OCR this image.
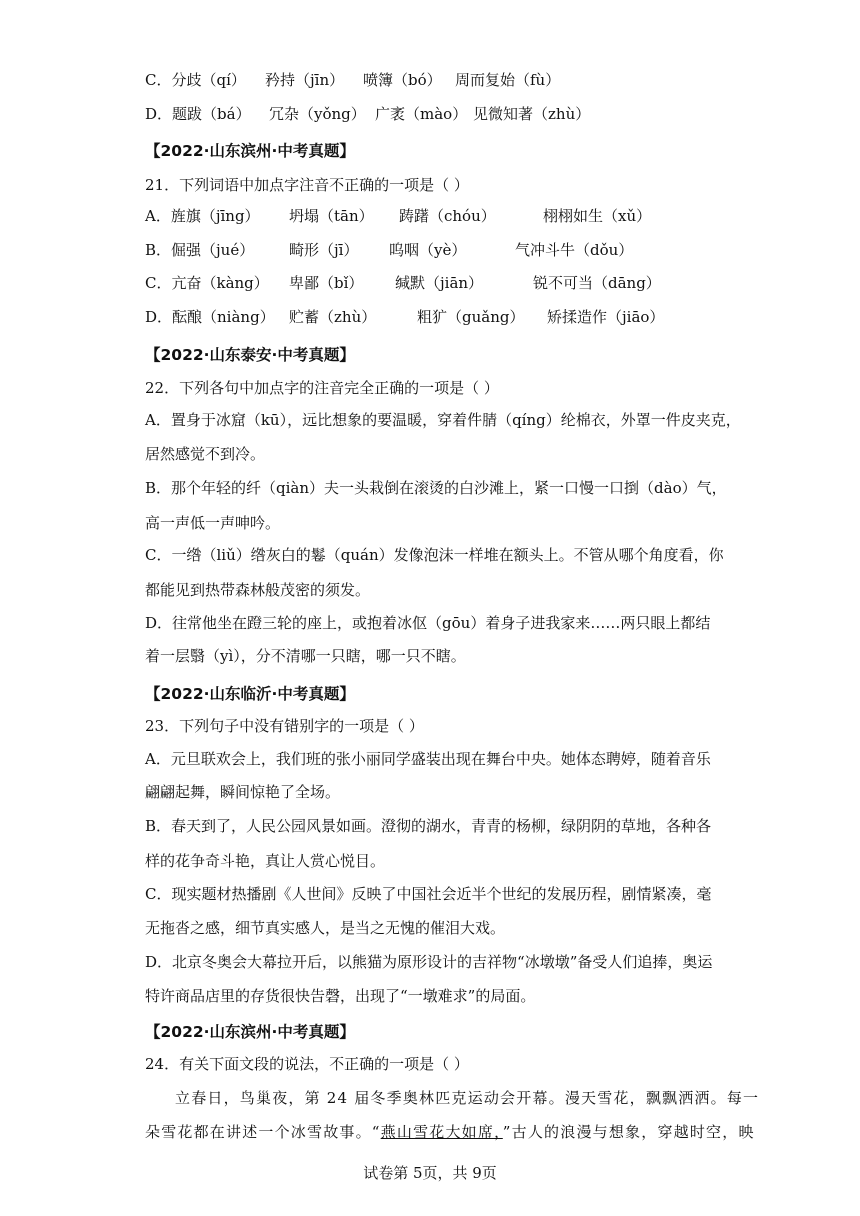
C．分歧（qí） 矜持（jīn） 喷簿（bó） 周而复始（fù）
D．题跋（bá） 冗杂（yǒng） 广袤（mào） 见微知著（zhù）
【2022·山东滨州·中考真题】
21．下列词语中加点字注音不正确的一项是（ ）
A．旌旗（jīng） 坍塌（tān） 踌躇（chóu）	栩栩如生（xǔ）
B．倔强（jué） 畸形（jī） 呜咽（yè）	气冲斗牛（dǒu）
C．亢奋（kàng） 卑鄙（bǐ） 缄默（jiān）	锐不可当（dāng）
D．酝酿（niàng） 贮蓄（zhù）	粗犷（guǎng） 矫揉造作（jiāo）
【2022·山东泰安·中考真题】
22．下列各句中加点字的注音完全正确的一项是（ ）
A．置身于冰窟（kū），远比想象的要温暖，穿着件腈（qíng）纶棉衣，外罩一件皮夹克，
居然感觉不到冷。
B．那个年轻的纤（qiàn）夫一头栽倒在滚烫的白沙滩上，紧一口慢一口捯（dào）气，
高一声低一声呻吟。
C．一绺（liǔ）绺灰白的鬈（quán）发像泡沫一样堆在额头上。不管从哪个角度看，你
都能见到热带森林般茂密的须发。
D．往常他坐在蹬三轮的座上，或抱着冰伛（gōu）着身子进我家来……两只眼上都结
着一层翳（yì），分不清哪一只瞎，哪一只不瞎。
【2022·山东临沂·中考真题】
23．下列句子中没有错别字的一项是（ ）
A．元旦联欢会上，我们班的张小丽同学盛装出现在舞台中央。她体态聘婷，随着音乐
翩翩起舞，瞬间惊艳了全场。
B．春天到了，人民公园风景如画。澄彻的湖水，青青的杨柳，绿阴阴的草地，各种各
样的花争奇斗艳，真让人赏心悦目。
C．现实题材热播剧《人世间》反映了中国社会近半个世纪的发展历程，剧情紧凑，毫
无拖沓之感，细节真实感人，是当之无愧的催泪大戏。
D．北京冬奥会大幕拉开后，以熊猫为原形设计的吉祥物“冰墩墩”备受人们追捧，奥运
特许商品店里的存货很快告磬，出现了“一墩难求”的局面。
【2022·山东滨州·中考真题】
24．有关下面文段的说法，不正确的一项是（ ）
立春日，鸟巢夜，第 24 届冬季奥林匹克运动会开幕。漫天雪花，飘飘洒洒。每一
朵雪花都在讲述一个冰雪故事。“燕山雪花大如席，”古人的浪漫与想象，穿越时空，映
试卷第 5页，共 9页
